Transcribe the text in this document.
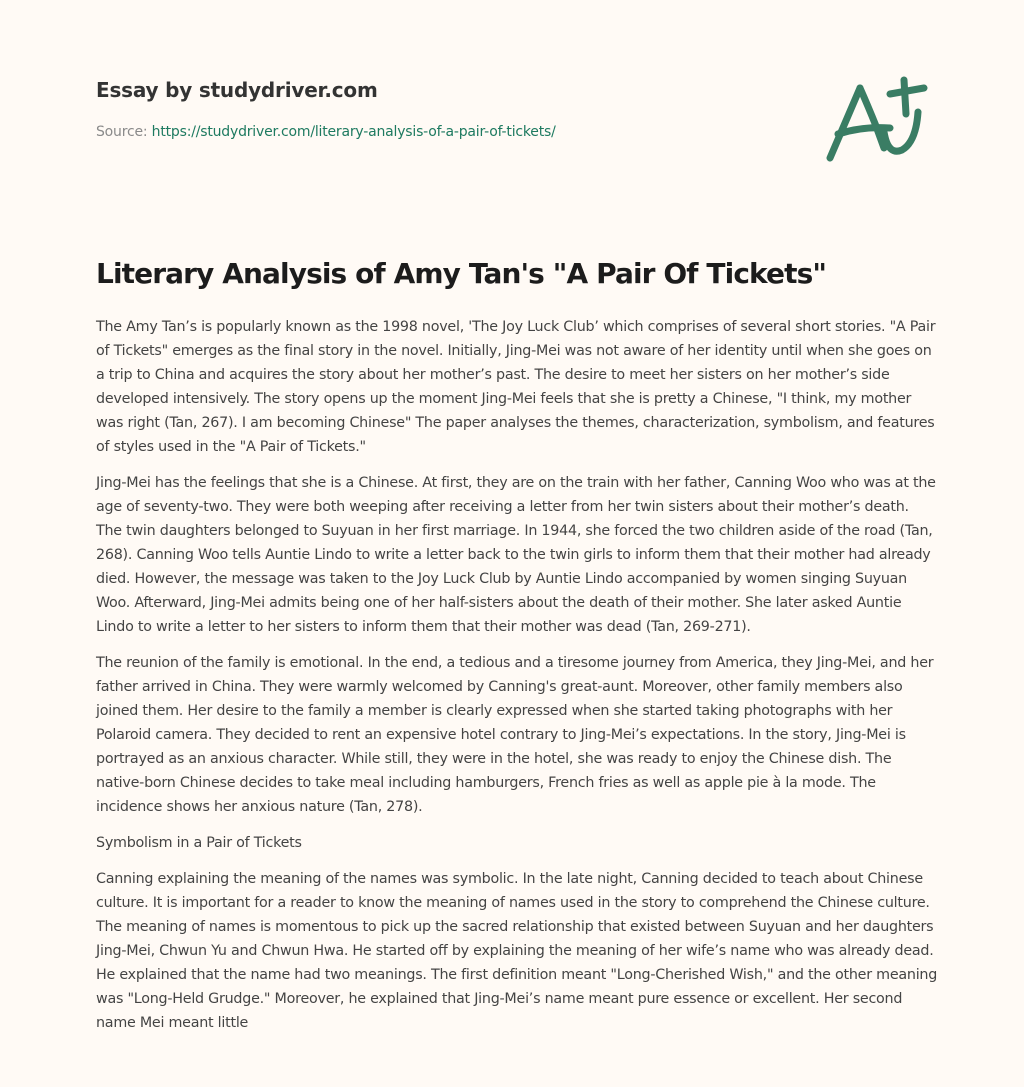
Essay by studydriver.com
Source: https://studydriver.com/literary-analysis-of-a-pair-of-tickets/
Literary Analysis of Amy Tan's "A Pair Of Tickets"

The Amy Tan’s is popularly known as the 1998 novel, 'The Joy Luck Club’ which comprises of several short stories. "A Pair of Tickets" emerges as the final story in the novel. Initially, Jing-Mei was not aware of her identity until when she goes on a trip to China and acquires the story about her mother’s past. The desire to meet her sisters on her mother’s side developed intensively. The story opens up the moment Jing-Mei feels that she is pretty a Chinese, "I think, my mother was right (Tan, 267). I am becoming Chinese" The paper analyses the themes, characterization, symbolism, and features of styles used in the "A Pair of Tickets."

Jing-Mei has the feelings that she is a Chinese. At first, they are on the train with her father, Canning Woo who was at the age of seventy-two. They were both weeping after receiving a letter from her twin sisters about their mother’s death. The twin daughters belonged to Suyuan in her first marriage. In 1944, she forced the two children aside of the road (Tan, 268). Canning Woo tells Auntie Lindo to write a letter back to the twin girls to inform them that their mother had already died. However, the message was taken to the Joy Luck Club by Auntie Lindo accompanied by women singing Suyuan Woo. Afterward, Jing-Mei admits being one of her half-sisters about the death of their mother. She later asked Auntie Lindo to write a letter to her sisters to inform them that their mother was dead (Tan, 269-271).

The reunion of the family is emotional. In the end, a tedious and a tiresome journey from America, they Jing-Mei, and her father arrived in China. They were warmly welcomed by Canning's great-aunt. Moreover, other family members also joined them. Her desire to the family a member is clearly expressed when she started taking photographs with her Polaroid camera. They decided to rent an expensive hotel contrary to Jing-Mei’s expectations. In the story, Jing-Mei is portrayed as an anxious character. While still, they were in the hotel, she was ready to enjoy the Chinese dish. The native-born Chinese decides to take meal including hamburgers, French fries as well as apple pie à la mode. The incidence shows her anxious nature (Tan, 278).

Symbolism in a Pair of Tickets

Canning explaining the meaning of the names was symbolic. In the late night, Canning decided to teach about Chinese culture. It is important for a reader to know the meaning of names used in the story to comprehend the Chinese culture. The meaning of names is momentous to pick up the sacred relationship that existed between Suyuan and her daughters Jing-Mei, Chwun Yu and Chwun Hwa. He started off by explaining the meaning of her wife’s name who was already dead. He explained that the name had two meanings. The first definition meant "Long-Cherished Wish," and the other meaning was "Long-Held Grudge." Moreover, he explained that Jing-Mei’s name meant pure essence or excellent. Her second name Mei meant little
